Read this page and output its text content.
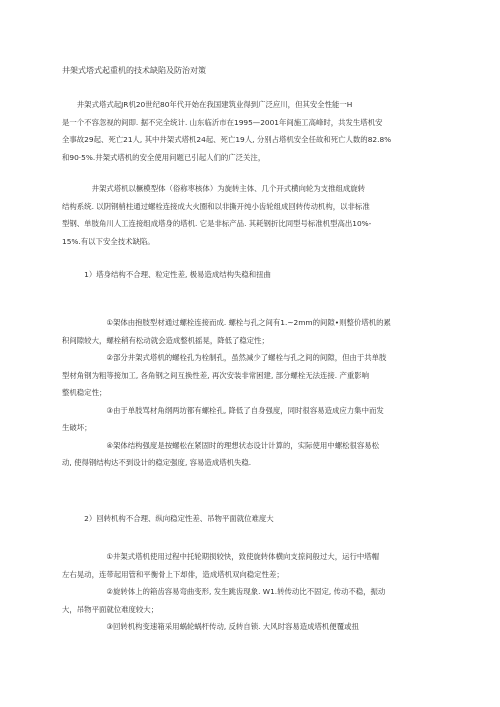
井架式塔式起重机的技术缺陷及防治对策
　　井架式塔式起JR机20世纪80年代开始在我国建筑业得到广泛应川，但其安全性能一H
是一个不容忽视的间即. 据不完全统计. 山东临沂市在1995—2001年间施工高峰时，共发生塔机安
全事故29起、死亡21人, 其中井架式塔机24起、死亡19人, 分别占塔机安全任故和死亡人数的82.8%
和90·5%.井架式塔机的安全使用问题已引起人们的广泛关注，
　　　　井架式塔机以橛模型体（俗称枣核体）为旋转主体、几个开式横向轮为支推组成旋转
结构系统. 以阴钢梢柱通过螺栓连接成大火圈和以非撕开纯小齿轮组成回转传动机构，以非标准
型钢、单肢角川人工连接组成塔身的塔机. 它是非标产品. 其耗钢折比同型号标准机型高出10%-
15%.有以下安全技术缺陷。
　　　1）塔身结构不合理、粒定性差, 极易造成结构失稳和扭曲
　　　　　　①架体由抱肢型材通过螺栓连接而成. 螺栓与孔之间有1.~2mm的间隙•则整价塔机的累
积间隙较大，螺栓稍有松动就会造成整机摇晃，降低了稳定性；
　　　　　　②部分井架式塔机的螺栓孔为栓制孔，虽然减少了螺栓与孔之间的间隙，但由于共单肢
型材角钢为粗等接加工, 各角钢之间互换性差, 再次安装非常困建, 部分螺栓无法连接. 产重影响
整机稳定性；
　　　　　　③由于单肢骂材角纲两坊都有螺栓孔, 降低了自身强度，同时很容易造成应力集中而发
生破坏；
　　　　　　④架体结构强度是按螺松在紧固时的理想状态设计计算的，实际使用中螺松很容易松
动, 使得钢结构达不到设计的稳定强度, 容易造成塔机失稳.
　　　2）回转机构不合理、纵向稳定性差、吊物平面就位难度大
　　　　　　①井架式塔机使用过程中托轮期损较快，致使旋转体横向支掠间般过大，运行中塔帽
左右晃动，连带起用管和平衡骨上下却俳，造成塔机双向稳定性差；
　　　　　　②旋转体上的箱齿容易弯曲变形, 发生跳齿现象. W1.转传动比不固定, 传动不稳，振动
大，吊物平面就位难度较大；
　　　　　　③回转机构变速箱采用蜗轮蜗杆传动, 反转自锁. 大风时容易造成塔机便覆或扭
